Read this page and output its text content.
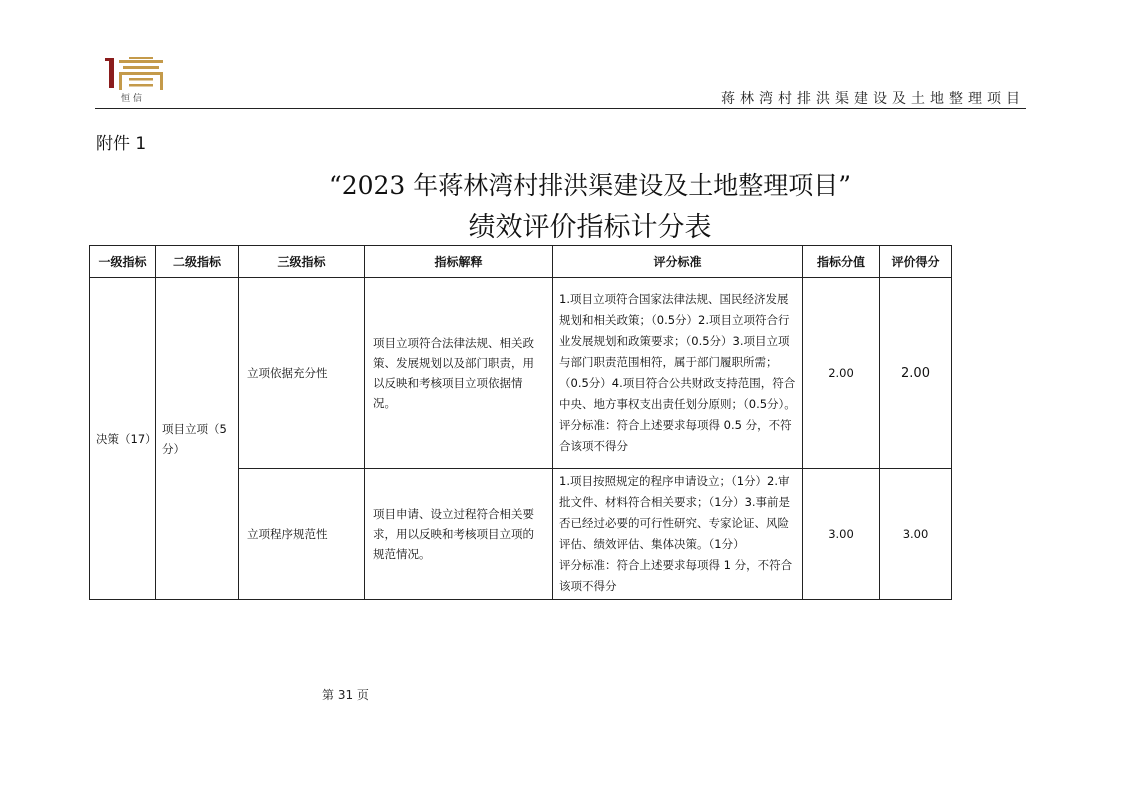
恒信	蒋林湾村排洪渠建设及土地整理项目
附件 1
“2023 年蒋林湾村排洪渠建设及土地整理项目”
绩效评价指标计分表
一级指标	二级指标	三级指标	指标解释	评分标准	指标分值	评价得分
决策（17）	项目立项（5分）	立项依据充分性	项目立项符合法律法规、相关政策、发展规划以及部门职责，用以反映和考核项目立项依据情况。	1.项目立项符合国家法律法规、国民经济发展规划和相关政策；（0.5分）2.项目立项符合行业发展规划和政策要求；（0.5分）3.项目立项与部门职责范围相符，属于部门履职所需；（0.5分）4.项目符合公共财政支持范围，符合中央、地方事权支出责任划分原则；（0.5分）。
评分标准：符合上述要求每项得 0.5 分，不符合该项不得分	2.00	2.00
		立项程序规范性	项目申请、设立过程符合相关要求，用以反映和考核项目立项的规范情况。	1.项目按照规定的程序申请设立；（1分）2.审批文件、材料符合相关要求；（1分）3.事前是否已经过必要的可行性研究、专家论证、风险评估、绩效评估、集体决策。（1分）
评分标准：符合上述要求每项得 1 分，不符合该项不得分	3.00	3.00
第 31 页
